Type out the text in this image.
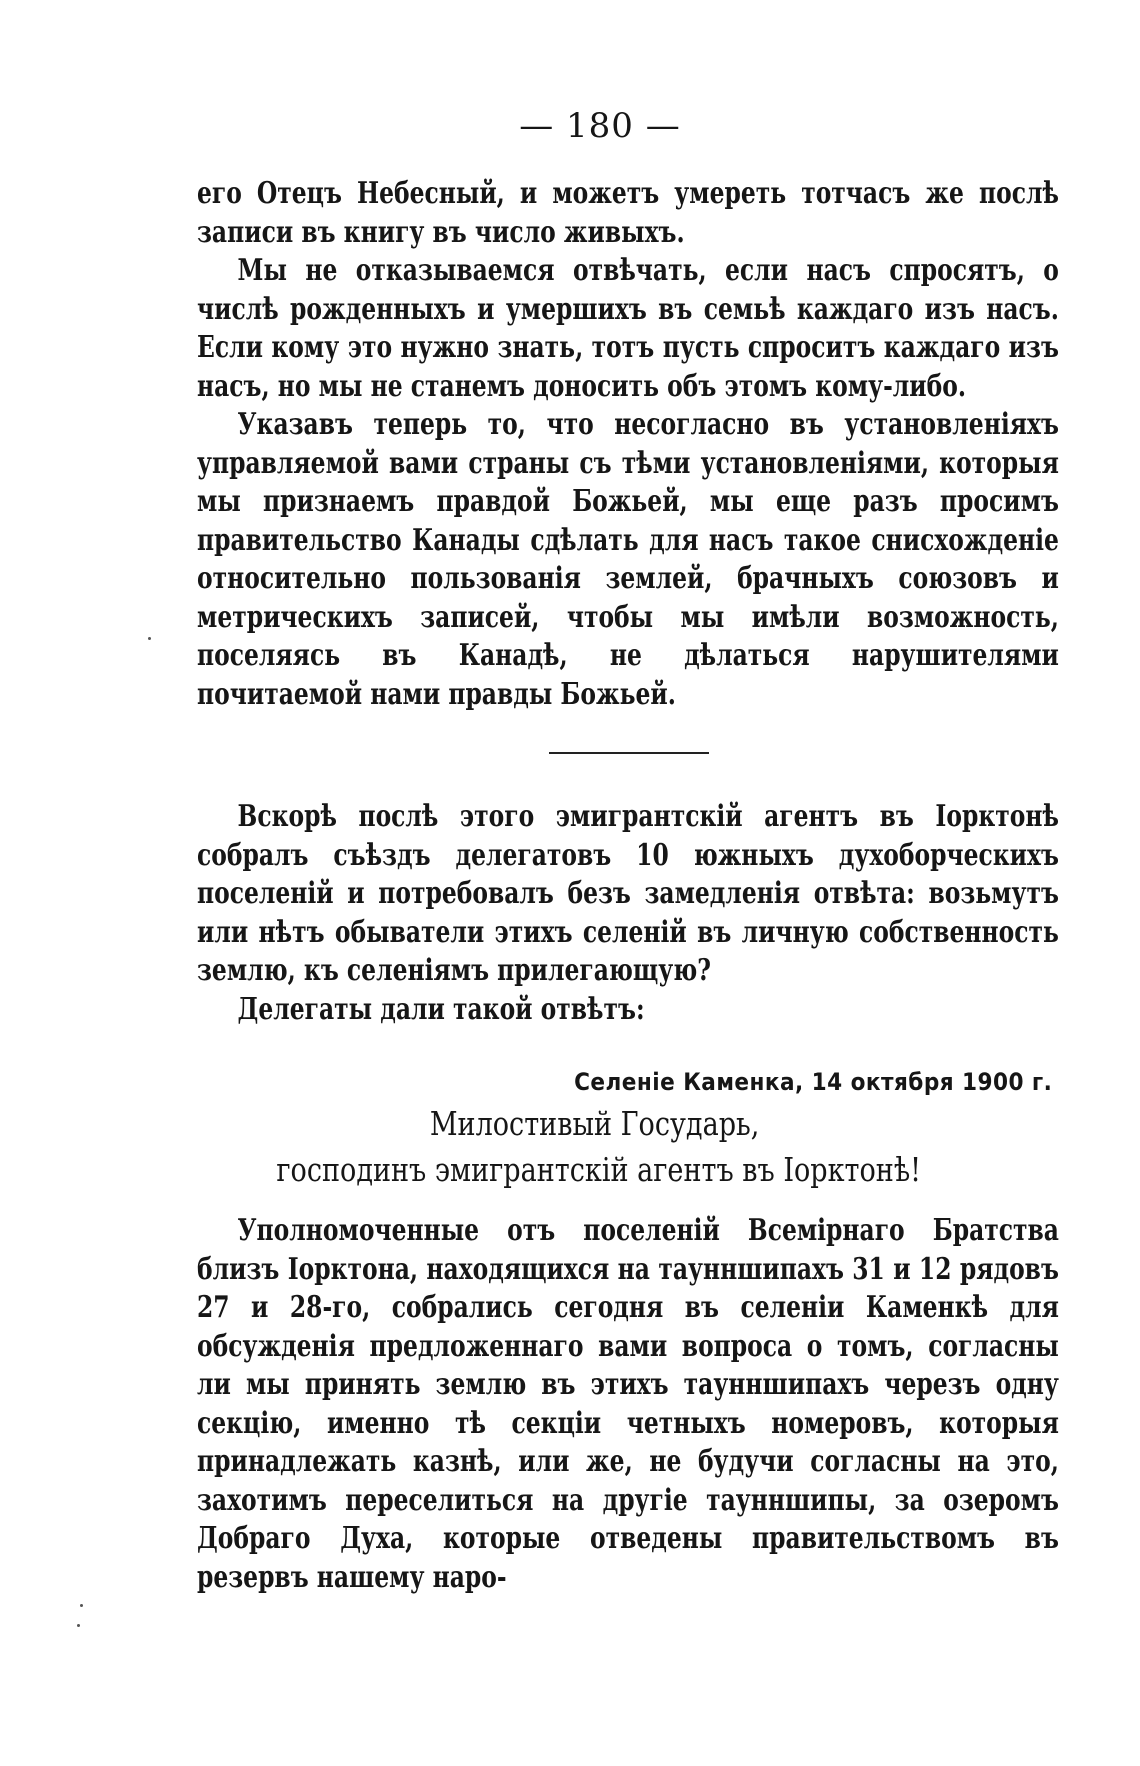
— 180 —

его Отецъ Небесный, и можетъ умереть тотчасъ же послѣ записи въ книгу въ число живыхъ.

Мы не отказываемся отвѣчать, если насъ спросятъ, о числѣ рожденныхъ и умершихъ въ семьѣ каждаго изъ насъ. Если кому это нужно знать, тотъ пусть спроситъ каждаго изъ насъ, но мы не станемъ доносить объ этомъ кому-либо.

Указавъ теперь то, что несогласно въ установленіяхъ управляемой вами страны съ тѣми установленіями, которыя мы признаемъ правдой Божьей, мы еще разъ просимъ правительство Канады сдѣлать для насъ такое снисхожденіе относительно пользованія землей, брачныхъ союзовъ и метрическихъ записей, чтобы мы имѣли возможность, поселяясь въ Канадѣ, не дѣлаться нарушителями почитаемой нами правды Божьей.

Вскорѣ послѣ этого эмигрантскій агентъ въ Іорктонѣ собралъ съѣздъ делегатовъ 10 южныхъ духоборческихъ поселеній и потребовалъ безъ замедленія отвѣта: возьмутъ или нѣтъ обыватели этихъ селеній въ личную собственность землю, къ селеніямъ прилегающую?

Делегаты дали такой отвѣтъ:

Селеніе Каменка, 14 октября 1900 г.
Милостивый Государь,
господинъ эмигрантскій агентъ въ Іорктонѣ!

Уполномоченные отъ поселеній Всемірнаго Братства близъ Іорктона, находящихся на таунншипахъ 31 и 12 рядовъ 27 и 28-го, собрались сегодня въ селеніи Каменкѣ для обсужденія предложеннаго вами вопроса о томъ, согласны ли мы принять землю въ этихъ таунншипахъ черезъ одну секцію, именно тѣ секціи четныхъ номеровъ, которыя принадлежать казнѣ, или же, не будучи согласны на это, захотимъ переселиться на другіе таунншипы, за озеромъ Добраго Духа, которые отведены правительствомъ въ резервъ нашему наро-
